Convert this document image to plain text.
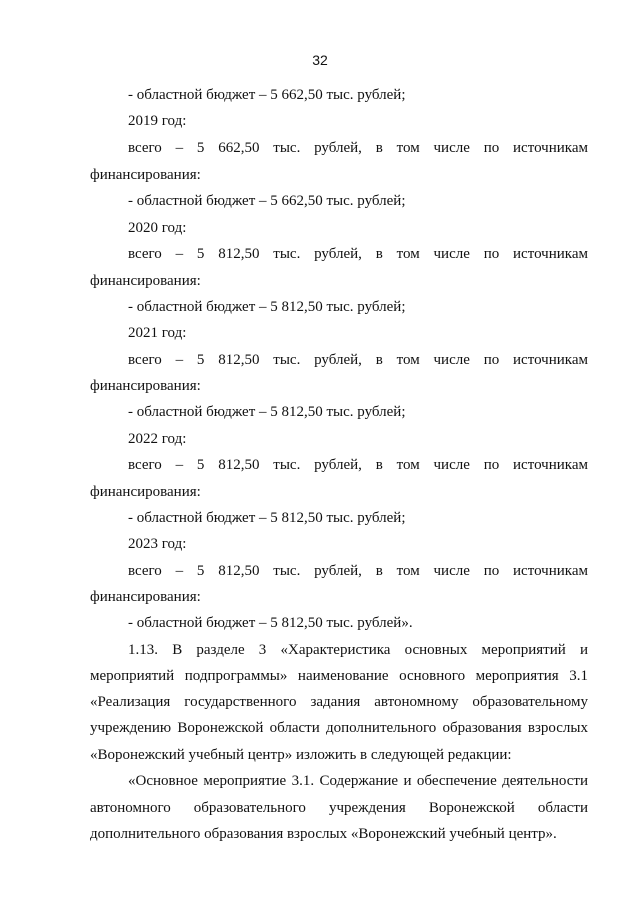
32
- областной бюджет – 5 662,50 тыс. рублей;
2019 год:
всего – 5 662,50 тыс. рублей, в том числе по источникам
финансирования:
- областной бюджет – 5 662,50 тыс. рублей;
2020 год:
всего – 5 812,50 тыс. рублей, в том числе по источникам
финансирования:
- областной бюджет – 5 812,50 тыс. рублей;
2021 год:
всего – 5 812,50 тыс. рублей, в том числе по источникам
финансирования:
- областной бюджет – 5 812,50 тыс. рублей;
2022 год:
всего – 5 812,50 тыс. рублей, в том числе по источникам
финансирования:
- областной бюджет – 5 812,50 тыс. рублей;
2023 год:
всего – 5 812,50 тыс. рублей, в том числе по источникам
финансирования:
- областной бюджет – 5 812,50 тыс. рублей».
1.13. В разделе 3 «Характеристика основных мероприятий и
мероприятий подпрограммы» наименование основного мероприятия 3.1
«Реализация государственного задания автономному образовательному
учреждению Воронежской области дополнительного образования взрослых
«Воронежский учебный центр» изложить в следующей редакции:
«Основное мероприятие 3.1. Содержание и обеспечение деятельности
автономного образовательного учреждения Воронежской области
дополнительного образования взрослых «Воронежский учебный центр».
